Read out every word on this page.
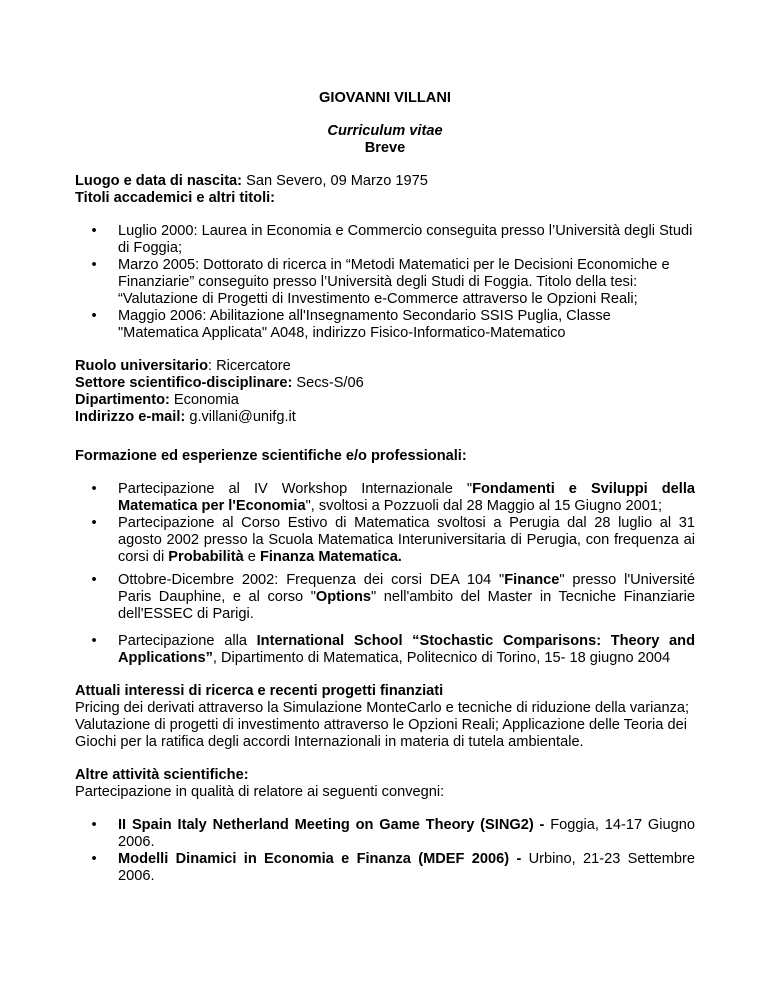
GIOVANNI VILLANI
Curriculum vitae
Breve
Luogo e data di nascita: San Severo, 09 Marzo 1975
Titoli accademici e altri titoli:
• Luglio 2000: Laurea in Economia e Commercio conseguita presso l’Università degli Studi di Foggia;
• Marzo 2005: Dottorato di ricerca in “Metodi Matematici per le Decisioni Economiche e Finanziarie” conseguito presso l’Università degli Studi di Foggia. Titolo della tesi: “Valutazione di Progetti di Investimento e-Commerce attraverso le Opzioni Reali;
• Maggio 2006: Abilitazione all'Insegnamento Secondario SSIS Puglia, Classe "Matematica Applicata" A048, indirizzo Fisico-Informatico-Matematico
Ruolo universitario: Ricercatore
Settore scientifico-disciplinare: Secs-S/06
Dipartimento: Economia
Indirizzo e-mail: g.villani@unifg.it
Formazione ed esperienze scientifiche e/o professionali:
• Partecipazione al IV Workshop Internazionale "Fondamenti e Sviluppi della Matematica per l'Economia", svoltosi a Pozzuoli dal 28 Maggio al 15 Giugno 2001;
• Partecipazione al Corso Estivo di Matematica svoltosi a Perugia dal 28 luglio al 31 agosto 2002 presso la Scuola Matematica Interuniversitaria di Perugia, con frequenza ai corsi di Probabilità e Finanza Matematica.
• Ottobre-Dicembre 2002: Frequenza dei corsi DEA 104 "Finance" presso l'Université Paris Dauphine, e al corso "Options" nell'ambito del Master in Tecniche Finanziarie dell'ESSEC di Parigi.
• Partecipazione alla International School “Stochastic Comparisons: Theory and Applications”, Dipartimento di Matematica, Politecnico di Torino, 15- 18 giugno 2004
Attuali interessi di ricerca e recenti progetti finanziati
Pricing dei derivati attraverso la Simulazione MonteCarlo e tecniche di riduzione della varianza; Valutazione di progetti di investimento attraverso le Opzioni Reali; Applicazione delle Teoria dei Giochi per la ratifica degli accordi Internazionali in materia di tutela ambientale.
Altre attività scientifiche:
Partecipazione in qualità di relatore ai seguenti convegni:
• II Spain Italy Netherland Meeting on Game Theory (SING2) - Foggia, 14-17 Giugno 2006.
• Modelli Dinamici in Economia e Finanza (MDEF 2006) - Urbino, 21-23 Settembre 2006.
